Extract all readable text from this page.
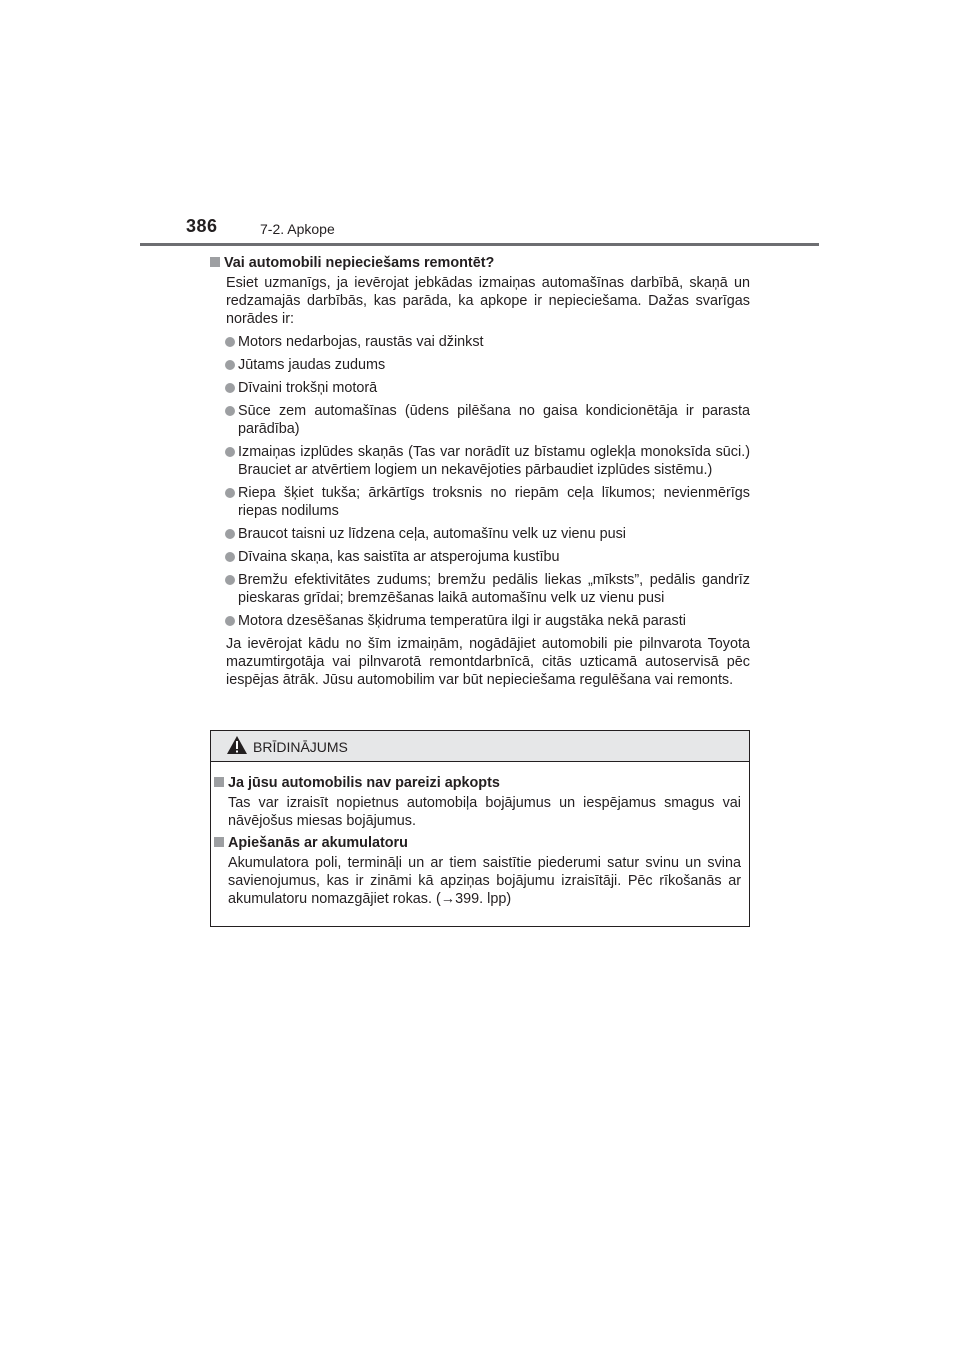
386	7-2. Apkope

Vai automobili nepieciešams remontēt?

Esiet uzmanīgs, ja ievērojat jebkādas izmaiņas automašīnas darbībā, skaņā un redzamajās darbībās, kas parāda, ka apkope ir nepieciešama. Dažas svarīgas norādes ir:

Motors nedarbojas, raustās vai džinkst
Jūtams jaudas zudums
Dīvaini trokšņi motorā
Sūce zem automašīnas (ūdens pilēšana no gaisa kondicionētāja ir parasta parādība)
Izmaiņas izplūdes skaņās (Tas var norādīt uz bīstamu oglekļa monoksīda sūci.) Brauciet ar atvērtiem logiem un nekavējoties pārbaudiet izplūdes sistēmu.)
Riepa šķiet tukša; ārkārtīgs troksnis no riepām ceļa līkumos; nevienmērīgs riepas nodilums
Braucot taisni uz līdzena ceļa, automašīnu velk uz vienu pusi
Dīvaina skaņa, kas saistīta ar atsperojuma kustību
Bremžu efektivitātes zudums; bremžu pedālis liekas „mīksts”, pedālis gandrīz pieskaras grīdai; bremzēšanas laikā automašīnu velk uz vienu pusi
Motora dzesēšanas šķidruma temperatūra ilgi ir augstāka nekā parasti

Ja ievērojat kādu no šīm izmaiņām, nogādājiet automobili pie pilnvarota Toyota mazumtirgotāja vai pilnvarotā remontdarbnīcā, citās uzticamā autoservisā pēc iespējas ātrāk. Jūsu automobilim var būt nepieciešama regulēšana vai remonts.

BRĪDINĀJUMS

Ja jūsu automobilis nav pareizi apkopts

Tas var izraisīt nopietnus automobiļa bojājumus un iespējamus smagus vai nāvējošus miesas bojājumus.

Apiešanās ar akumulatoru

Akumulatora poli, termināļi un ar tiem saistītie piederumi satur svinu un svina savienojumus, kas ir zināmi kā apziņas bojājumu izraisītāji. Pēc rīkošanās ar akumulatoru nomazgājiet rokas. (→399. lpp)
